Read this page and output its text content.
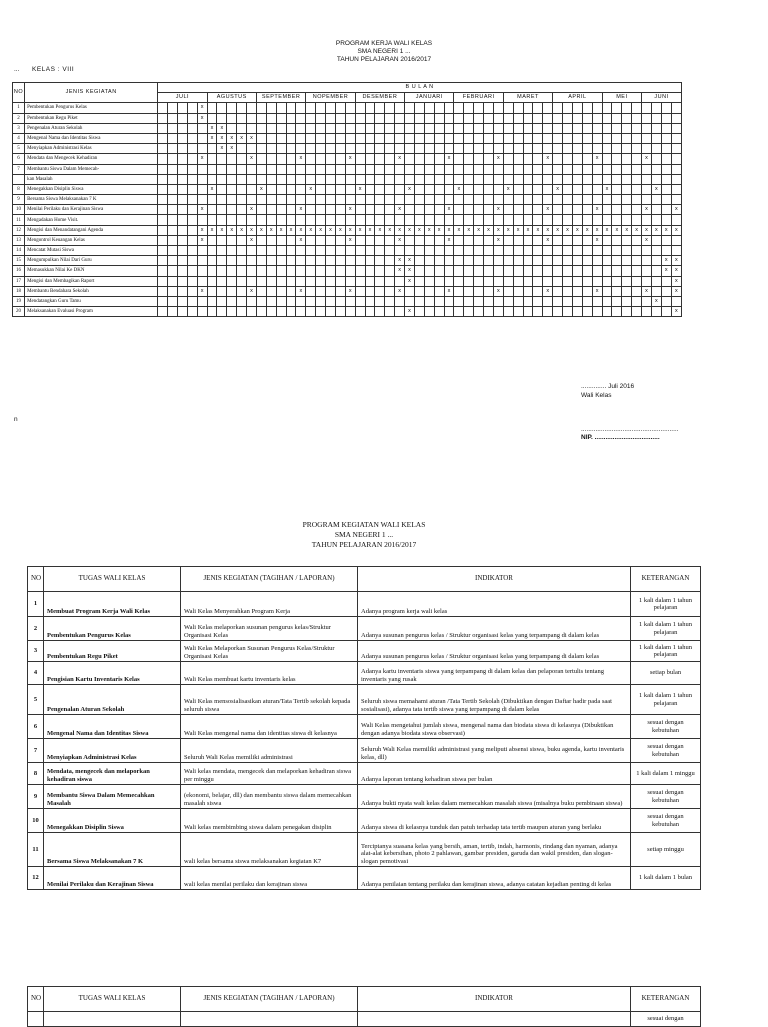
PROGRAM KERJA WALI KELAS
SMA NEGERI 1 ...
TAHUN PELAJARAN 2016/2017
... KELAS : VIII
NO	JENIS KEGIATAN	B U L A N																																																				
		JULI					AGUSTUS					SEPTEMBER					NOPEMBER					DESEMBER					JANUARI					FEBRUARI					MARET					APRIL					MEI				JUNI			
1	Pembentukan Pengurus Kelas					x																																																
2	Pembentukan Regu Piket					x																																																
3	Pengenalan Aturan Sekolah						x	x																																														
4	Mengenal Nama dan Identitas Siswa						x	x	x	x	x																																											
5	Menyiapkan Administrasi Kelas							x	x																																													
6	Mendata dan Mengecek Kehadiran					x					x					x					x					x					x					x					x					x					x			
7	Membantu Siswa Dalam Memecah-																																																					
	kan Masalah																																																					
8	Menegakkan Disiplin Siswa						x					x					x					x					x					x					x					x					x					x		
9	Bersama Siswa Melaksanakan 7 K																																																					
10	Menilai Perilaku dan Kerajinan Siswa					x					x					x					x					x					x					x					x					x					x			x
11	Mengadakan Home Visit.																																																					
12	Mengisi dan Menandatangani Agenda					x	x	x	x	x	x	x	x	x	x	x	x	x	x	x	x	x	x	x	x	x	x	x	x	x	x	x	x	x	x	x	x	x	x	x	x	x	x	x	x	x	x	x	x	x	x	x	x	x
13	Mengontrol Keuangan Kelas					x					x					x					x					x					x					x					x					x					x			
14	Mencatat Mutasi Siswa																																																					
15	Mengumpulkan Nilai Dari Guru																									x	x																										x	x
16	Memasukkan Nilai Ke DKN																									x	x																										x	x
17	Mengisi dan Membagikan Raport																										x																											x
18	Membantu Bendahara Sekolah					x					x					x					x					x					x					x					x					x					x			x
19	Mendatangkan Guru Tamu																																																			x		
20	Melaksanakan Evaluasi Program																										x																											x
.............. Juli 2016
Wali Kelas
......................................................
NIP. ....................................
n
PROGRAM KEGIATAN WALI KELAS
SMA NEGERI 1 ...
TAHUN PELAJARAN 2016/2017
NO	TUGAS WALI KELAS	JENIS KEGIATAN (TAGIHAN / LAPORAN)	INDIKATOR	KETERANGAN
1	Membuat Program Kerja Wali Kelas	Wali Kelas Menyerahkan Program Kerja	Adanya program kerja wali kelas	1 kali dalam 1 tahun pelajaran
2	Pembentukan Pengurus Kelas	Wali Kelas melaporkan susunan pengurus kelas/Struktur Organisasi Kelas	Adanya susunan pengurus kelas / Struktur organisasi kelas yang terpampang di dalam kelas	1 kali dalam 1 tahun pelajaran
3	Pembentukan Regu Piket	Wali Kelas Melaporkan Susunan Pengurus Kelas/Struktur Organisasi Kelas	Adanya susunan pengurus kelas / Struktur organisasi kelas yang terpampang di dalam kelas	1 kali dalam 1 tahun pelajaran
4	Pengisian Kartu Inventaris Kelas	Wali Kelas membuat kartu inventaris kelas	Adanya kartu inventaris siswa yang terpampang di dalam kelas dan pelaporan tertulis tentang inventaris yang rusak	setiap bulan
5	Pengenalan Aturan Sekolah	Wali Kelas mensosialisasikan aturan/Tata Tertib sekolah kepada seluruh siswa	Seluruh siswa memahami aturan /Tata Tertib Sekolah (Dibuktikan dengan Daftar hadir pada saat sosialisasi), adanya tata tertib siswa yang terpampang di dalam kelas	1 kali dalam 1 tahun pelajaran
6	Mengenal Nama dan Identitas Siswa	Wali Kelas mengenal nama dan identitas siswa di kelasnya	Wali Kelas mengetahui jumlah siswa, mengenal nama dan biodata siswa di kelasnya (Dibuktikan dengan adanya biodata siswa observasi)	sesuai dengan kebutuhan
7	Menyiapkan Administrasi Kelas	Seluruh Wali Kelas memiliki administrasi	Seluruh Wali Kelas memiliki administrasi yang meliputi absensi siswa, buku agenda, kartu inventaris kelas, dll)	sesuai dengan kebutuhan
8	Mendata, mengecek dan melaporkan kehadiran siswa	Wali kelas mendata, mengecek dan melaporkan kehadiran siswa per minggu	Adanya laporan tentang kehadiran siswa per bulan	1 kali dalam 1 minggu
9	Membantu Siswa Dalam Memecahkan Masalah	(ekonomi, belajar, dll) dan membantu siswa dalam memecahkan masalah siswa	Adanya bukti nyata wali kelas dalam memecahkan masalah siswa (misalnya buku pembinaan siswa)	sesuai dengan kebutuhan
10	Menegakkan Disiplin Siswa	Wali kelas membimbing siswa dalam penegakan disiplin	Adanya siswa di kelasnya tunduk dan patuh terhadap tata tertib maupun aturan yang berlaku	sesuai dengan kebutuhan
11	Bersama Siswa Melaksanakan 7 K	wali kelas bersama siswa melaksanakan kegiatan K7	Terciptanya suasana kelas yang bersih, aman, tertib, indah, harmonis, rindang dan nyaman, adanya alat-alat kebersihan, photo 2 pahlawan, gambar presiden, garuda dan wakil presiden, dan slogan-slogan pemotivasi	setiap minggu
12	Menilai Perilaku dan Kerajinan Siswa	wali kelas menilai perilaku dan kerajinan siswa	Adanya penilaian tentang perilaku dan kerajinan siswa, adanya catatan kejadian penting di kelas	1 kali dalam 1 bulan
NO	TUGAS WALI KELAS	JENIS KEGIATAN (TAGIHAN / LAPORAN)	INDIKATOR	KETERANGAN
				sesuai dengan
